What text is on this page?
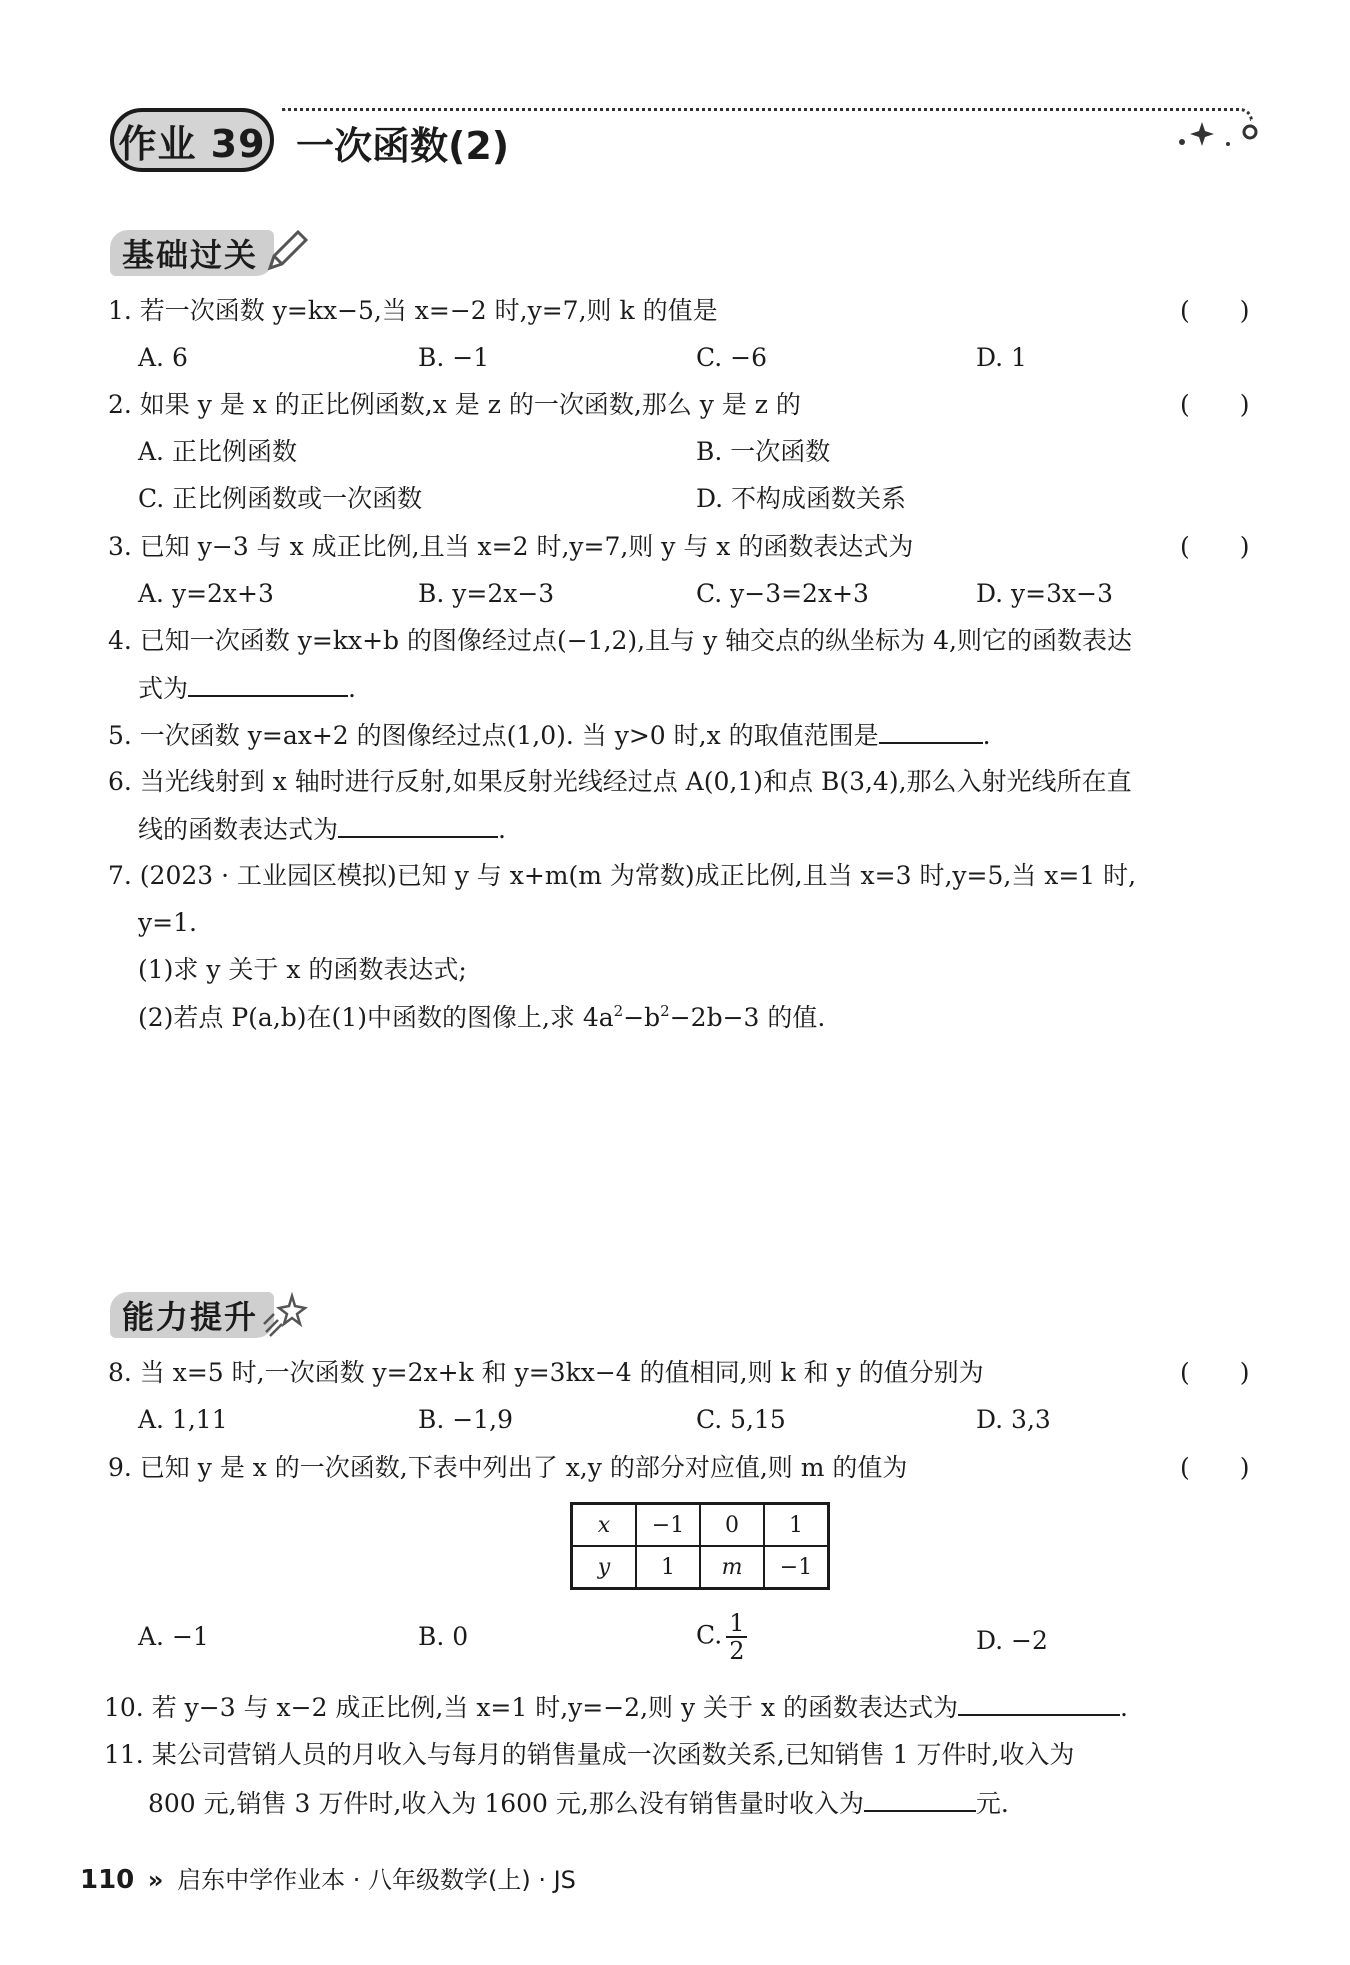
作业 39 一次函数(2)
基础过关
1. 若一次函数 y=kx−5,当 x=−2 时,y=7,则 k 的值是	(　　)
A. 6	B. −1	C. −6	D. 1
2. 如果 y 是 x 的正比例函数,x 是 z 的一次函数,那么 y 是 z 的	(　　)
A. 正比例函数	B. 一次函数
C. 正比例函数或一次函数	D. 不构成函数关系
3. 已知 y−3 与 x 成正比例,且当 x=2 时,y=7,则 y 与 x 的函数表达式为	(　　)
A. y=2x+3	B. y=2x−3	C. y−3=2x+3	D. y=3x−3
4. 已知一次函数 y=kx+b 的图像经过点(−1,2),且与 y 轴交点的纵坐标为 4,则它的函数表达
式为	.
5. 一次函数 y=ax+2 的图像经过点(1,0). 当 y>0 时,x 的取值范围是	.
6. 当光线射到 x 轴时进行反射,如果反射光线经过点 A(0,1)和点 B(3,4),那么入射光线所在直
线的函数表达式为	.
7. (2023 · 工业园区模拟)已知 y 与 x+m(m 为常数)成正比例,且当 x=3 时,y=5,当 x=1 时,
y=1.
(1)求 y 关于 x 的函数表达式;
(2)若点 P(a,b)在(1)中函数的图像上,求 $4a^2-b^2-2b-3$ 的值.
能力提升
8. 当 x=5 时,一次函数 y=2x+k 和 y=3kx−4 的值相同,则 k 和 y 的值分别为	(　　)
A. 1,11	B. −1,9	C. 5,15	D. 3,3
9. 已知 y 是 x 的一次函数,下表中列出了 x,y 的部分对应值,则 m 的值为	(　　)
x	−1	0	1
y	1	m	−1
A. −1	B. 0	C. $\frac{1}{2}$	D. −2
10. 若 y−3 与 x−2 成正比例,当 x=1 时,y=−2,则 y 关于 x 的函数表达式为	.
11. 某公司营销人员的月收入与每月的销售量成一次函数关系,已知销售 1 万件时,收入为
800 元,销售 3 万件时,收入为 1600 元,那么没有销售量时收入为	元.
110 » 启东中学作业本 · 八年级数学(上) · JS
